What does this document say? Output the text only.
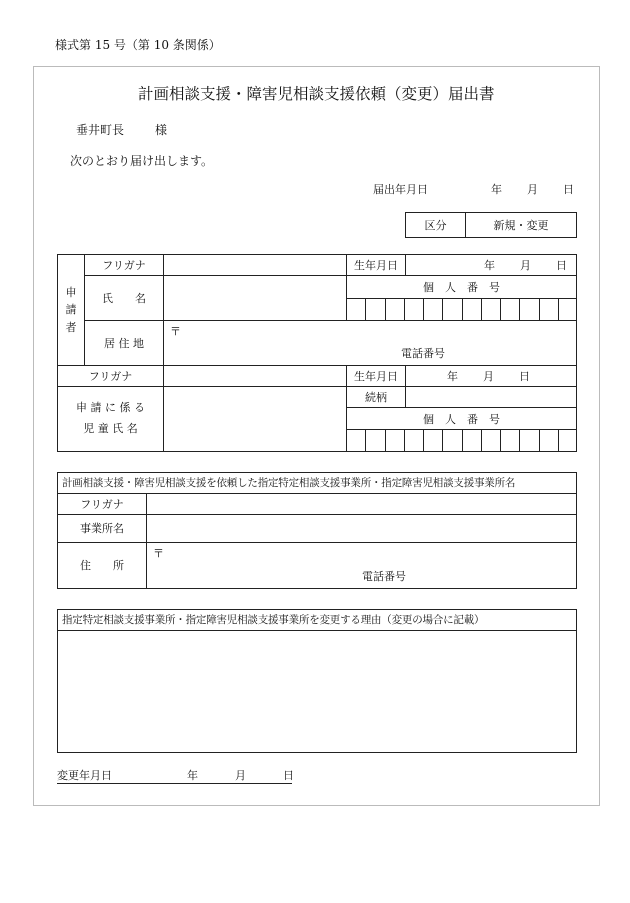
様式第 15 号（第 10 条関係）
計画相談支援・障害児相談支援依頼（変更）届出書
垂井町長	様
次のとおり届け出します。
届出年月日	年 月 日
区分	新規・変更
申
請
者	フリガナ		生年月日	年 月 日

	氏　　名		個　人　番　号	

	居 住 地	〒
電話番号		

フリガナ			生年月日	年 月 日

申 請 に 係 る
児 童 氏 名			続柄	

			個　人　番　号	
計画相談支援・障害児相談支援を依頼した指定特定相談支援事業所・指定障害児相談支援事業所名	
フリガナ	
事業所名	
住　　所	〒
電話番号
指定特定相談支援事業所・指定障害児相談支援事業所を変更する理由（変更の場合に記載）

変更年月日	年	月	日
